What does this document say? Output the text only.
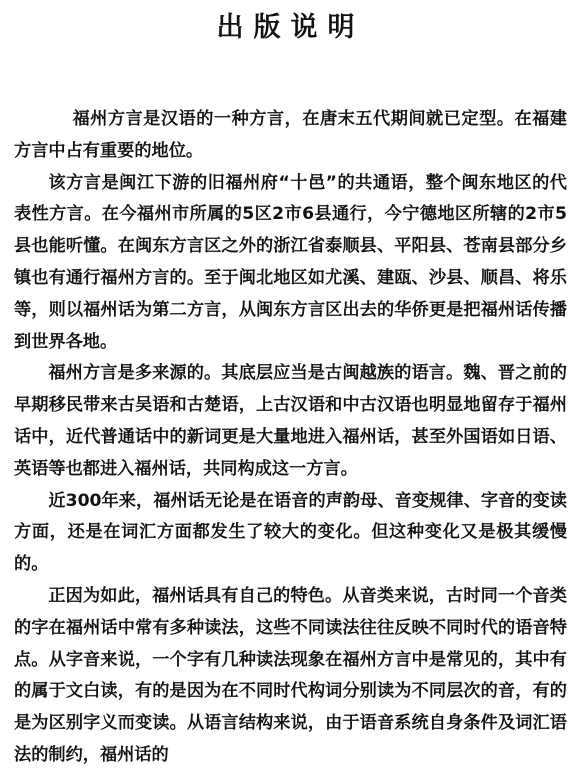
出版说明

福州方言是汉语的一种方言，在唐末五代期间就已定型。在福建方言中占有重要的地位。

该方言是闽江下游的旧福州府“十邑”的共通语，整个闽东地区的代表性方言。在今福州市所属的5区2市6县通行，今宁德地区所辖的2市5县也能听懂。在闽东方言区之外的浙江省泰顺县、平阳县、苍南县部分乡镇也有通行福州方言的。至于闽北地区如尤溪、建瓯、沙县、顺昌、将乐等，则以福州话为第二方言，从闽东方言区出去的华侨更是把福州话传播到世界各地。

福州方言是多来源的。其底层应当是古闽越族的语言。魏、晋之前的早期移民带来古吴语和古楚语，上古汉语和中古汉语也明显地留存于福州话中，近代普通话中的新词更是大量地进入福州话，甚至外国语如日语、英语等也都进入福州话，共同构成这一方言。

近300年来，福州话无论是在语音的声韵母、音变规律、字音的变读方面，还是在词汇方面都发生了较大的变化。但这种变化又是极其缓慢的。

正因为如此，福州话具有自己的特色。从音类来说，古时同一个音类的字在福州话中常有多种读法，这些不同读法往往反映不同时代的语音特点。从字音来说，一个字有几种读法现象在福州方言中是常见的，其中有的属于文白读，有的是因为在不同时代构词分别读为不同层次的音，有的是为区别字义而变读。从语言结构来说，由于语音系统自身条件及词汇语法的制约，福州话的
